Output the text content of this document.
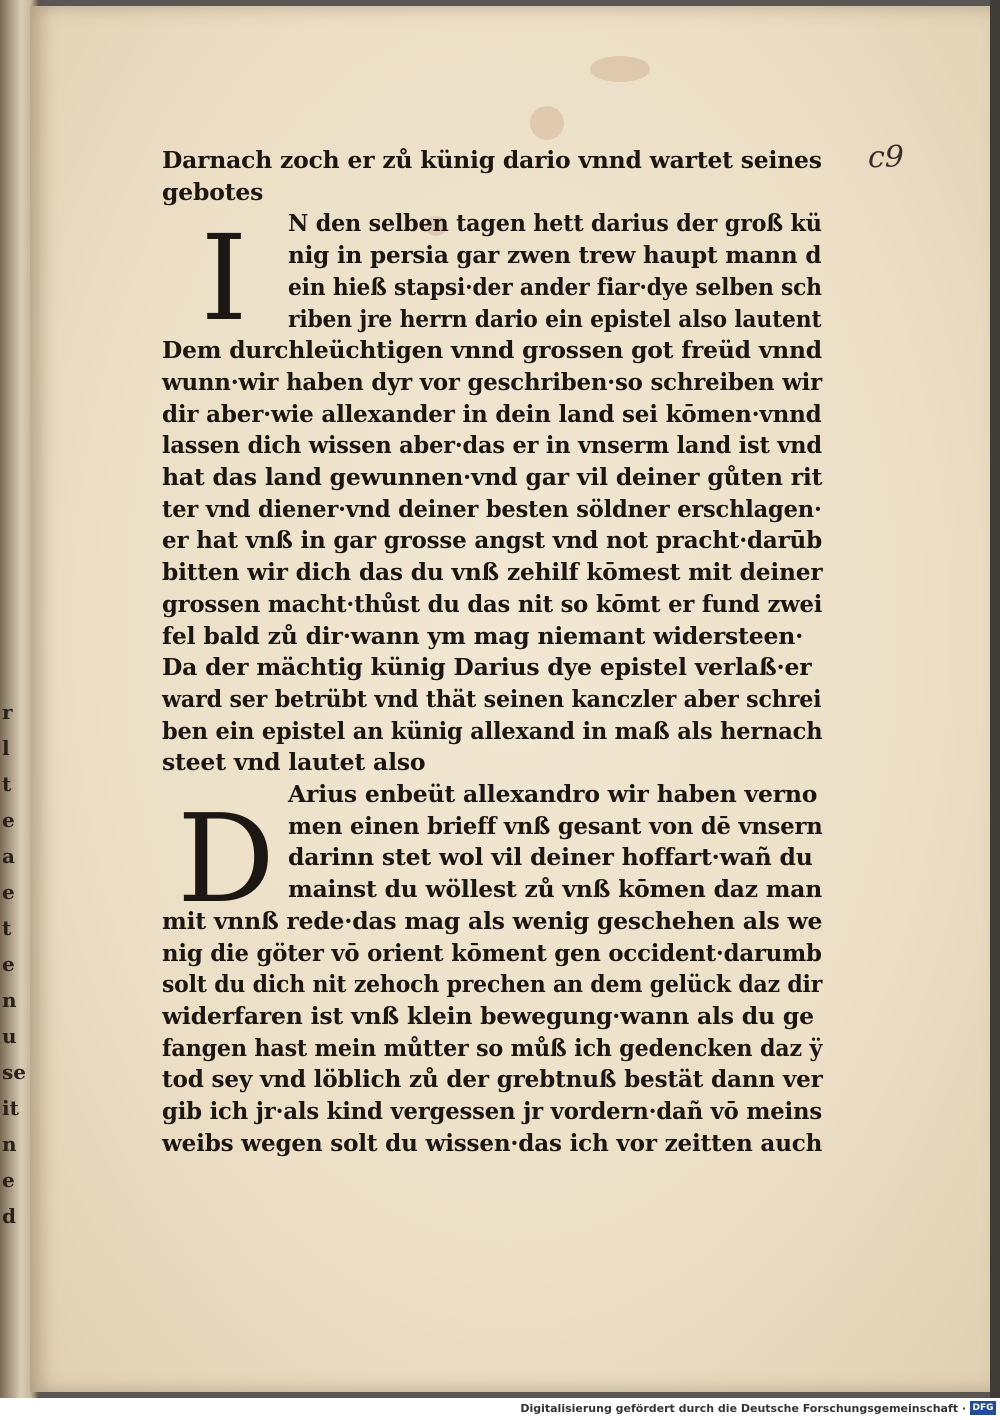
r
l
t
e
a
e
t
e
n
u
se
it
n
e
d
c9
I
D
Darnach zoch er zů künig dario vnnd wartet seines
gebotes
N den selben tagen hett darius der groß kü
nig in persia gar zwen trew haupt mann d
ein hieß stapsi·der ander fiar·dye selben sch
riben jre herrn dario ein epistel also lautent
Dem durchleüchtigen vnnd grossen got freüd vnnd
wunn·wir haben dyr vor geschriben·so schreiben wir
dir aber·wie allexander in dein land sei kōmen·vnnd
lassen dich wissen aber·das er in vnserm land ist vnd
hat das land gewunnen·vnd gar vil deiner gůten rit
ter vnd diener·vnd deiner besten söldner erschlagen·
er hat vnß in gar grosse angst vnd not pracht·darūb
bitten wir dich das du vnß zehilf kōmest mit deiner
grossen macht·thůst du das nit so kōmt er fund zwei
fel bald zů dir·wann ym mag niemant widersteen·
Da der mächtig künig Darius dye epistel verlaß·er
ward ser betrübt vnd thät seinen kanczler aber schrei
ben ein epistel an künig allexand in maß als hernach
steet vnd lautet also
Arius enbeüt allexandro wir haben verno
men einen brieff vnß gesant von dē vnsern
darinn stet wol vil deiner hoffart·wañ du
mainst du wöllest zů vnß kōmen daz man
mit vnnß rede·das mag als wenig geschehen als we
nig die göter vō orient kōment gen occident·darumb
solt du dich nit zehoch prechen an dem gelück daz dir
widerfaren ist vnß klein bewegung·wann als du ge
fangen hast mein můtter so můß ich gedencken daz ÿ
tod sey vnd löblich zů der grebtnuß bestät dann ver
gib ich jr·als kind vergessen jr vordern·dañ vō meins
weibs wegen solt du wissen·das ich vor zeitten auch
Digitalisierung gefördert durch die Deutsche Forschungsgemeinschaft · DFG
